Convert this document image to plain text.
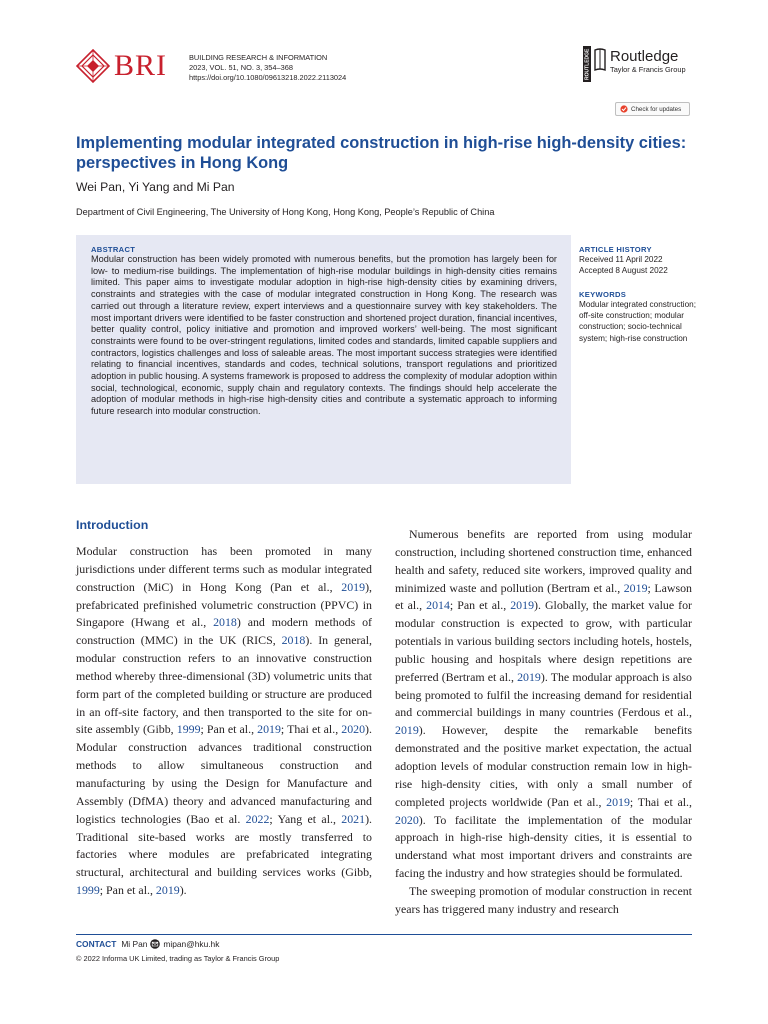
BRI	BUILDING RESEARCH & INFORMATION
2023, VOL. 51, NO. 3, 354–368
https://doi.org/10.1080/09613218.2022.2113024	ROUTLEDGE Routledge
Taylor & Francis Group
Check for updates
Implementing modular integrated construction in high-rise high-density cities: perspectives in Hong Kong
Wei Pan, Yi Yang and Mi Pan
Department of Civil Engineering, The University of Hong Kong, Hong Kong, People’s Republic of China
ABSTRACT
Modular construction has been widely promoted with numerous benefits, but the promotion has largely been for low- to medium-rise buildings. The implementation of high-rise modular buildings in high-density cities remains limited. This paper aims to investigate modular adoption in high-rise high-density cities by examining drivers, constraints and strategies with the case of modular integrated construction in Hong Kong. The research was carried out through a literature review, expert interviews and a questionnaire survey with key stakeholders. The most important drivers were identified to be faster construction and shortened project duration, financial incentives, better quality control, policy initiative and promotion and improved workers’ well-being. The most significant constraints were found to be over-stringent regulations, limited codes and standards, limited capable suppliers and contractors, logistics challenges and loss of saleable areas. The most important success strategies were identified relating to financial incentives, standards and codes, technical solutions, transport regulations and prioritized adoption in public housing. A systems framework is proposed to address the complexity of modular adoption within social, technological, economic, supply chain and regulatory contexts. The findings should help accelerate the adoption of modular methods in high-rise high-density cities and contribute a systematic approach to informing future research into modular construction.
ARTICLE HISTORY
Received 11 April 2022
Accepted 8 August 2022
KEYWORDS
Modular integrated construction; off-site construction; modular construction; socio-technical system; high-rise construction
Introduction

Modular construction has been promoted in many jurisdictions under different terms such as modular integrated construction (MiC) in Hong Kong (Pan et al., 2019), prefabricated prefinished volumetric construction (PPVC) in Singapore (Hwang et al., 2018) and modern methods of construction (MMC) in the UK (RICS, 2018). In general, modular construction refers to an innovative construction method whereby three-dimensional (3D) volumetric units that form part of the completed building or structure are produced in an off-site factory, and then transported to the site for on-site assembly (Gibb, 1999; Pan et al., 2019; Thai et al., 2020). Modular construction advances traditional construction methods to allow simultaneous construction and manufacturing by using the Design for Manufacture and Assembly (DfMA) theory and advanced manufacturing and logistics technologies (Bao et al. 2022; Yang et al., 2021). Traditional site-based works are mostly transferred to factories where modules are prefabricated integrating structural, architectural and building services works (Gibb, 1999; Pan et al., 2019).

Numerous benefits are reported from using modular construction, including shortened construction time, enhanced health and safety, reduced site workers, improved quality and minimized waste and pollution (Bertram et al., 2019; Lawson et al., 2014; Pan et al., 2019). Globally, the market value for modular construction is expected to grow, with particular potentials in various building sectors including hotels, hostels, public housing and hospitals where design repetitions are preferred (Bertram et al., 2019). The modular approach is also being promoted to fulfil the increasing demand for residential and commercial buildings in many countries (Ferdous et al., 2019). However, despite the remarkable benefits demonstrated and the positive market expectation, the actual adoption levels of modular construction remain low in high-rise high-density cities, with only a small number of completed projects worldwide (Pan et al., 2019; Thai et al., 2020). To facilitate the implementation of the modular approach in high-rise high-density cities, it is essential to understand what most important drivers and constraints are facing the industry and how strategies should be formulated.

The sweeping promotion of modular construction in recent years has triggered many industry and research

CONTACT Mi Pan mipan@hku.hk
© 2022 Informa UK Limited, trading as Taylor & Francis Group
